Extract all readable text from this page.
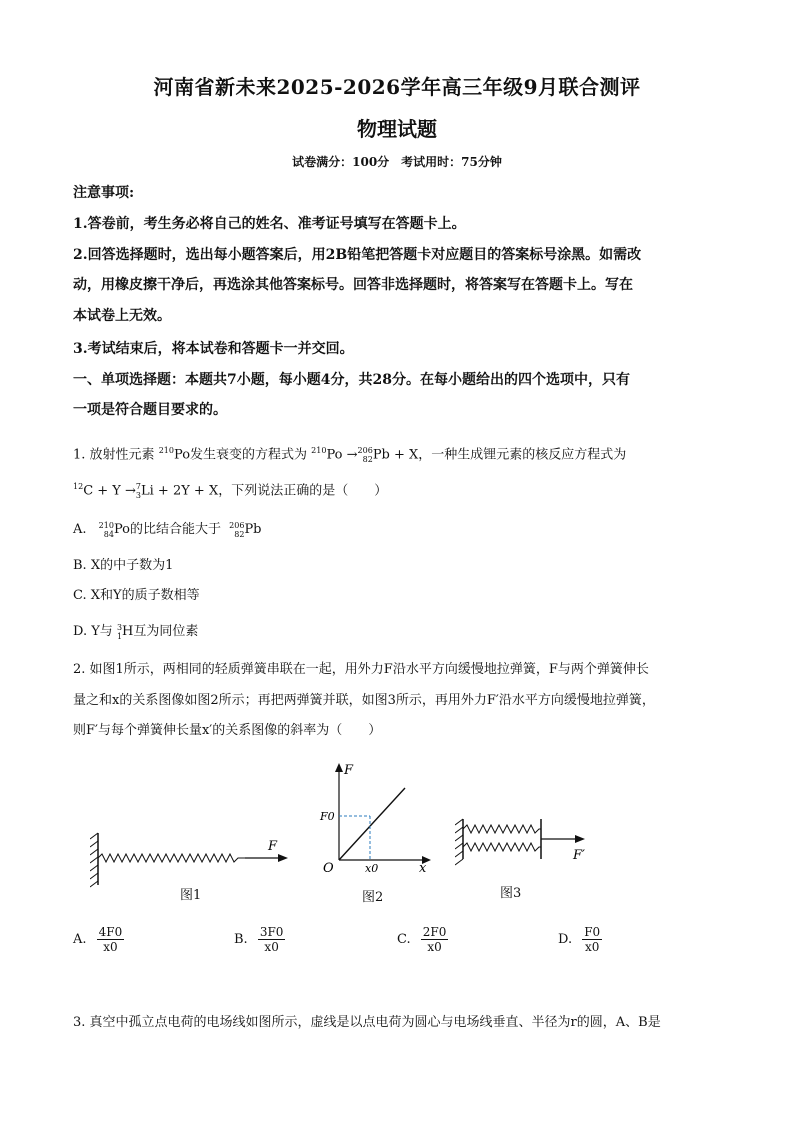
河南省新未来2025-2026学年高三年级9月联合测评
物理试题
试卷满分：100分　考试用时：75分钟
注意事项:
1.答卷前，考生务必将自己的姓名、准考证号填写在答题卡上。
2.回答选择题时，选出每小题答案后，用2B铅笔把答题卡对应题目的答案标号涂黑。如需改
动，用橡皮擦干净后，再选涂其他答案标号。回答非选择题时，将答案写在答题卡上。写在
本试卷上无效。
3.考试结束后，将本试卷和答题卡一并交回。
一、单项选择题：本题共7小题，每小题4分，共28分。在每小题给出的四个选项中，只有
一项是符合题目要求的。
1. 放射性元素 $^{210}$Po发生衰变的方程式为 $^{210}$Po →206
82Pb + X，一种生成锂元素的核反应方程式为
$^{12}$C + Y →7
3Li + 2Y + X，下列说法正确的是（　　）
A. 210
84Po的比结合能大于 206
82Pb
B. X的中子数为1
C. X和Y的质子数相等
D. Y与 3
1H互为同位素
2. 如图1所示，两相同的轻质弹簧串联在一起，用外力F沿水平方向缓慢地拉弹簧，F与两个弹簧伸长
量之和x的关系图像如图2所示；再把两弹簧并联，如图3所示，再用外力F′沿水平方向缓慢地拉弹簧，
则F′与每个弹簧伸长量x′的关系图像的斜率为（　　）
F
F
F0
O	x0	x
F′
图1	图2	图3
A. $\frac{4F0}{x0}$	B. $\frac{3F0}{x0}$	C. $\frac{2F0}{x0}$	D. $\frac{F0}{x0}$
3. 真空中孤立点电荷的电场线如图所示，虚线是以点电荷为圆心与电场线垂直、半径为r的圆，A、B是
